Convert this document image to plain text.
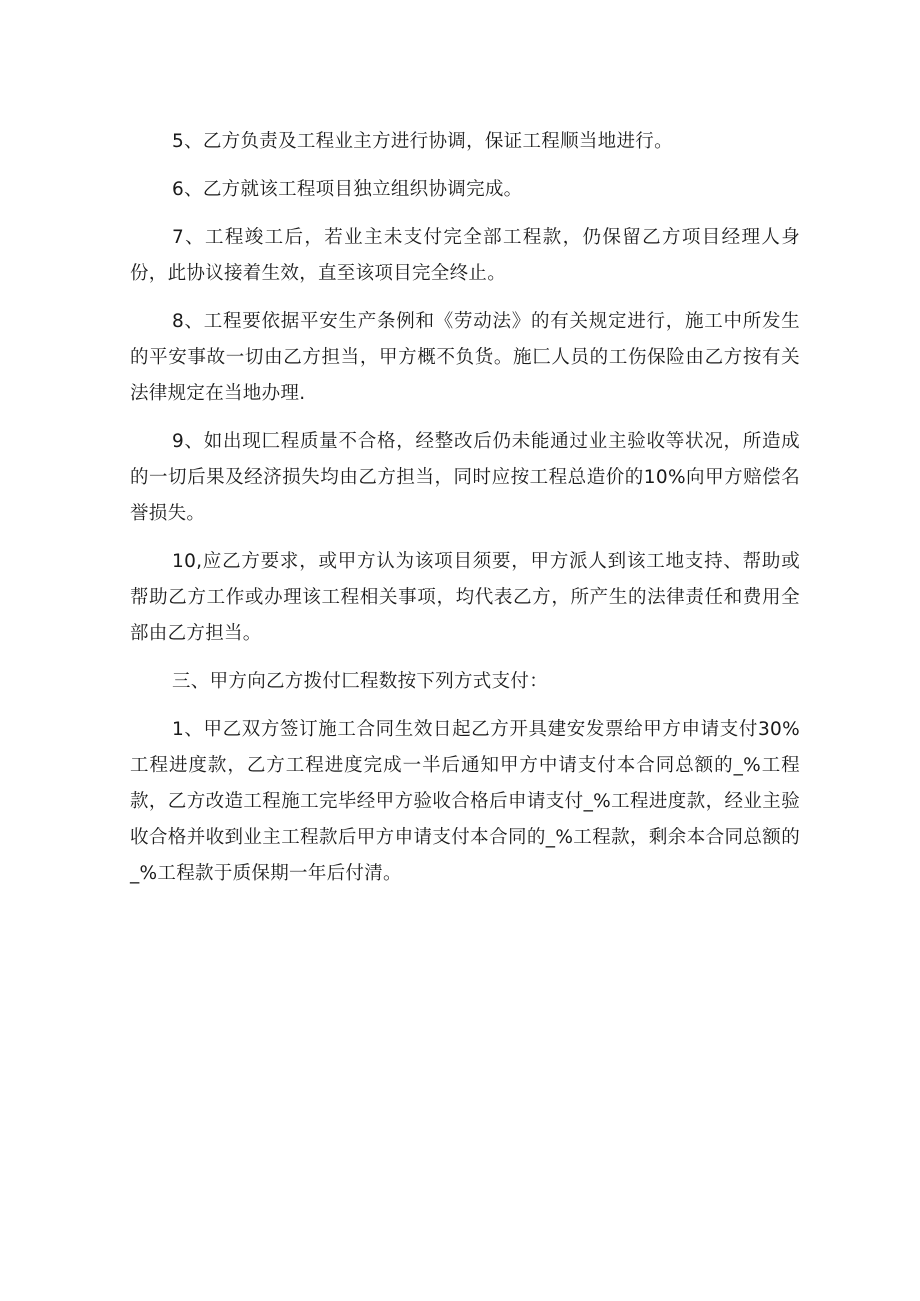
5、乙方负责及工程业主方进行协调，保证工程顺当地进行。

6、乙方就该工程项目独立组织协调完成。

7、工程竣工后，若业主未支付完全部工程款，仍保留乙方项目经理人身份，此协议接着生效，直至该项目完全终止。

8、工程要依据平安生产条例和《劳动法》的有关规定进行，施工中所发生的平安事故一切由乙方担当，甲方概不负货。施匚人员的工伤保险由乙方按有关法律规定在当地办理.

9、如出现匚程质量不合格，经整改后仍未能通过业主验收等状况，所造成的一切后果及经济损失均由乙方担当，同时应按工程总造价的10%向甲方赔偿名誉损失。

10,应乙方要求，或甲方认为该项目须要，甲方派人到该工地支持、帮助或帮助乙方工作或办理该工程相关事项，均代表乙方，所产生的法律责任和费用全部由乙方担当。

三、甲方向乙方拨付匚程数按下列方式支付：

1、甲乙双方签订施工合同生效日起乙方开具建安发票给甲方申请支付30%工程进度款，乙方工程进度完成一半后通知甲方中请支付本合同总额的_%工程款，乙方改造工程施工完毕经甲方验收合格后申请支付_%工程进度款，经业主验收合格并收到业主工程款后甲方申请支付本合同的_%工程款，剩余本合同总额的_%工程款于质保期一年后付清。
